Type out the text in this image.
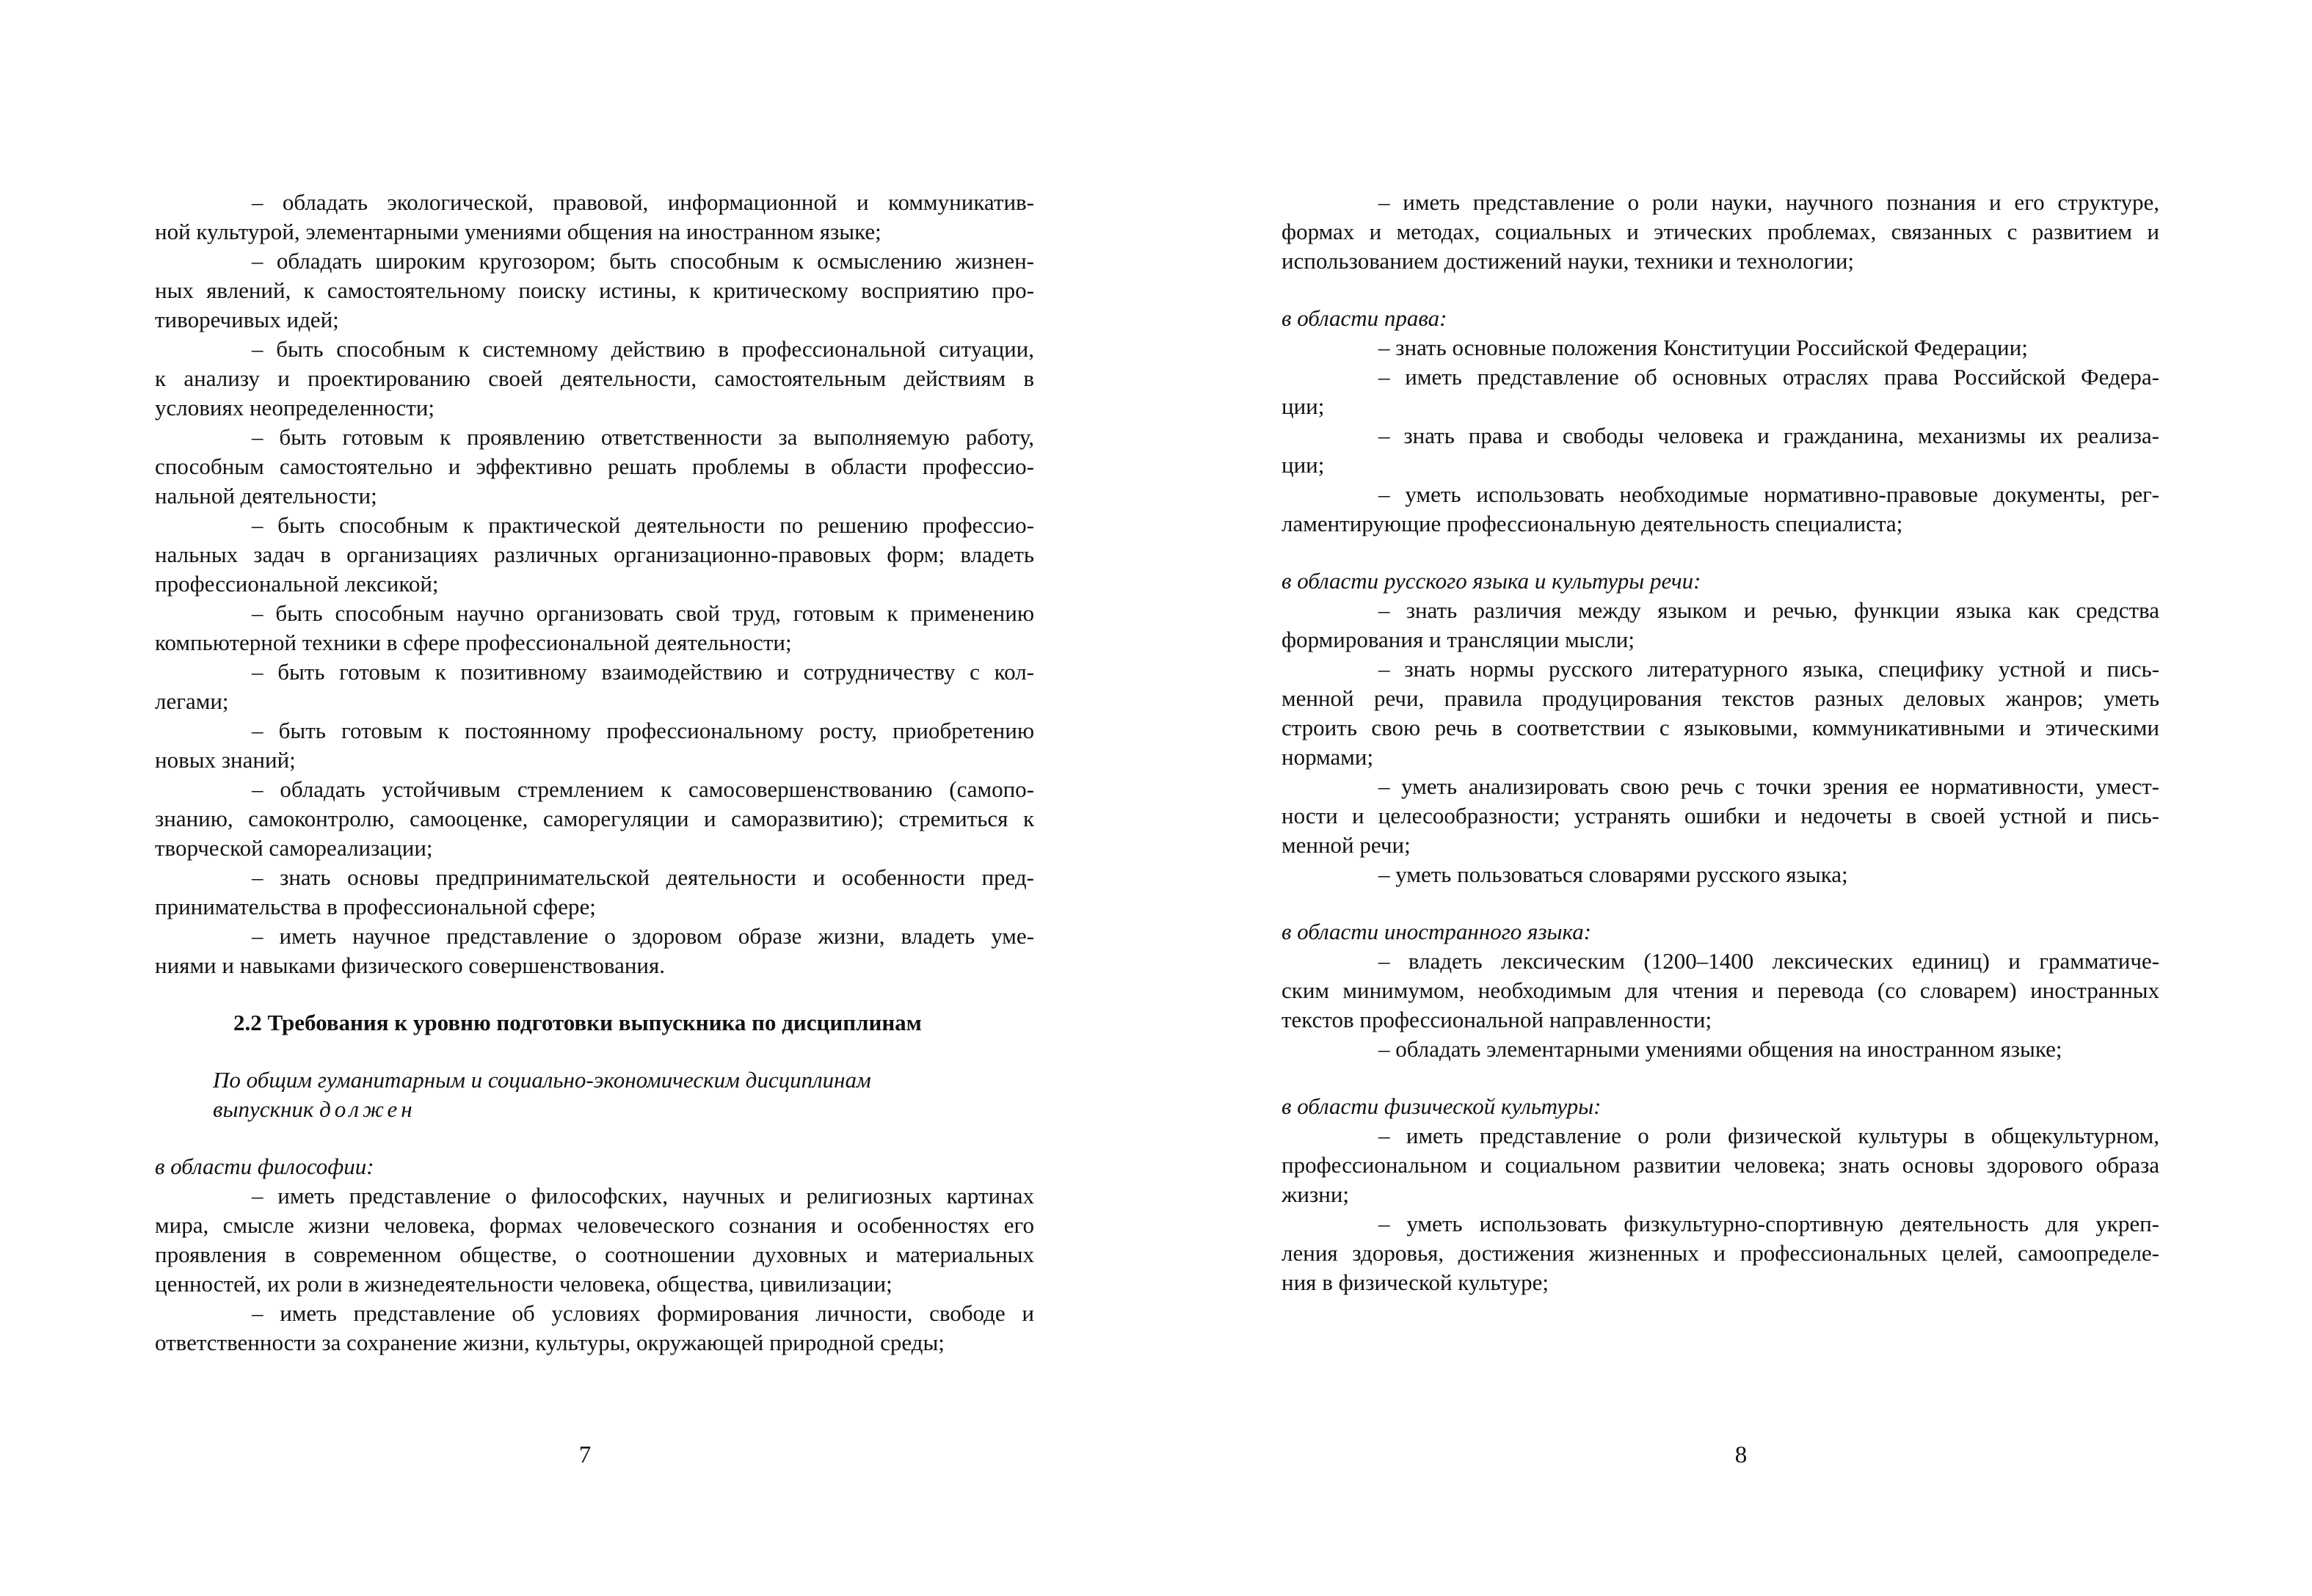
– обладать экологической, правовой, информационной и коммуникатив-
ной культурой, элементарными умениями общения на иностранном языке;
– обладать широким кругозором; быть способным к осмыслению жизнен-
ных явлений, к самостоятельному поиску истины, к критическому восприятию про-
тиворечивых идей;
– быть способным к системному действию в профессиональной ситуации,
к анализу и проектированию своей деятельности, самостоятельным действиям в
условиях неопределенности;
– быть готовым к проявлению ответственности за выполняемую работу,
способным самостоятельно и эффективно решать проблемы в области профессио-
нальной деятельности;
– быть способным к практической деятельности по решению профессио-
нальных задач в организациях различных организационно-правовых форм; владеть
профессиональной лексикой;
– быть способным научно организовать свой труд, готовым к применению
компьютерной техники в сфере профессиональной деятельности;
– быть готовым к позитивному взаимодействию и сотрудничеству с кол-
легами;
– быть готовым к постоянному профессиональному росту, приобретению
новых знаний;
– обладать устойчивым стремлением к самосовершенствованию (самопо-
знанию, самоконтролю, самооценке, саморегуляции и саморазвитию); стремиться к
творческой самореализации;
– знать основы предпринимательской деятельности и особенности пред-
принимательства в профессиональной сфере;
– иметь научное представление о здоровом образе жизни, владеть уме-
ниями и навыками физического совершенствования.
2.2 Требования к уровню подготовки выпускника по дисциплинам
По общим гуманитарным и социально-экономическим дисциплинам
выпускник должен
в области философии:
– иметь представление о философских, научных и религиозных картинах
мира, смысле жизни человека, формах человеческого сознания и особенностях его
проявления в современном обществе, о соотношении духовных и материальных
ценностей, их роли в жизнедеятельности человека, общества, цивилизации;
– иметь представление об условиях формирования личности, свободе и
ответственности за сохранение жизни, культуры, окружающей природной среды;
7
– иметь представление о роли науки, научного познания и его структуре,
формах и методах, социальных и этических проблемах, связанных с развитием и
использованием достижений науки, техники и технологии;
в области права:
– знать основные положения Конституции Российской Федерации;
– иметь представление об основных отраслях права Российской Федера-
ции;
– знать права и свободы человека и гражданина, механизмы их реализа-
ции;
– уметь использовать необходимые нормативно-правовые документы, рег-
ламентирующие профессиональную деятельность специалиста;
в области русского языка и культуры речи:
– знать различия между языком и речью, функции языка как средства
формирования и трансляции мысли;
– знать нормы русского литературного языка, специфику устной и пись-
менной речи, правила продуцирования текстов разных деловых жанров; уметь
строить свою речь в соответствии с языковыми, коммуникативными и этическими
нормами;
– уметь анализировать свою речь с точки зрения ее нормативности, умест-
ности и целесообразности; устранять ошибки и недочеты в своей устной и пись-
менной речи;
– уметь пользоваться словарями русского языка;
в области иностранного языка:
– владеть лексическим (1200–1400 лексических единиц) и грамматиче-
ским минимумом, необходимым для чтения и перевода (со словарем) иностранных
текстов профессиональной направленности;
– обладать элементарными умениями общения на иностранном языке;
в области физической культуры:
– иметь представление о роли физической культуры в общекультурном,
профессиональном и социальном развитии человека; знать основы здорового образа
жизни;
– уметь использовать физкультурно-спортивную деятельность для укреп-
ления здоровья, достижения жизненных и профессиональных целей, самоопределе-
ния в физической культуре;
8
